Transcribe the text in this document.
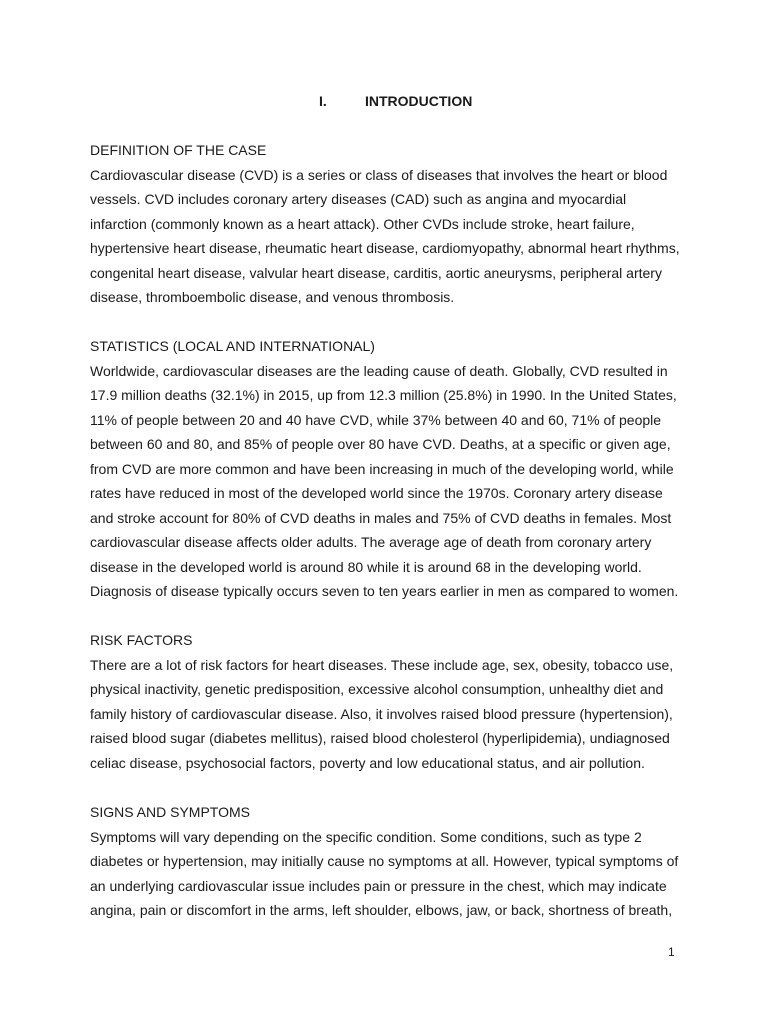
I.	INTRODUCTION
DEFINITION OF THE CASE
Cardiovascular disease (CVD) is a series or class of diseases that involves the heart or blood
vessels. CVD includes coronary artery diseases (CAD) such as angina and myocardial
infarction (commonly known as a heart attack). Other CVDs include stroke, heart failure,
hypertensive heart disease, rheumatic heart disease, cardiomyopathy, abnormal heart rhythms,
congenital heart disease, valvular heart disease, carditis, aortic aneurysms, peripheral artery
disease, thromboembolic disease, and venous thrombosis.
STATISTICS (LOCAL AND INTERNATIONAL)
Worldwide, cardiovascular diseases are the leading cause of death. Globally, CVD resulted in
17.9 million deaths (32.1%) in 2015, up from 12.3 million (25.8%) in 1990. In the United States,
11% of people between 20 and 40 have CVD, while 37% between 40 and 60, 71% of people
between 60 and 80, and 85% of people over 80 have CVD. Deaths, at a specific or given age,
from CVD are more common and have been increasing in much of the developing world, while
rates have reduced in most of the developed world since the 1970s. Coronary artery disease
and stroke account for 80% of CVD deaths in males and 75% of CVD deaths in females. Most
cardiovascular disease affects older adults. The average age of death from coronary artery
disease in the developed world is around 80 while it is around 68 in the developing world.
Diagnosis of disease typically occurs seven to ten years earlier in men as compared to women.
RISK FACTORS
There are a lot of risk factors for heart diseases. These include age, sex, obesity, tobacco use,
physical inactivity, genetic predisposition, excessive alcohol consumption, unhealthy diet and
family history of cardiovascular disease. Also, it involves raised blood pressure (hypertension),
raised blood sugar (diabetes mellitus), raised blood cholesterol (hyperlipidemia), undiagnosed
celiac disease, psychosocial factors, poverty and low educational status, and air pollution.
SIGNS AND SYMPTOMS
Symptoms will vary depending on the specific condition. Some conditions, such as type 2
diabetes or hypertension, may initially cause no symptoms at all. However, typical symptoms of
an underlying cardiovascular issue includes pain or pressure in the chest, which may indicate
angina, pain or discomfort in the arms, left shoulder, elbows, jaw, or back, shortness of breath,
1
